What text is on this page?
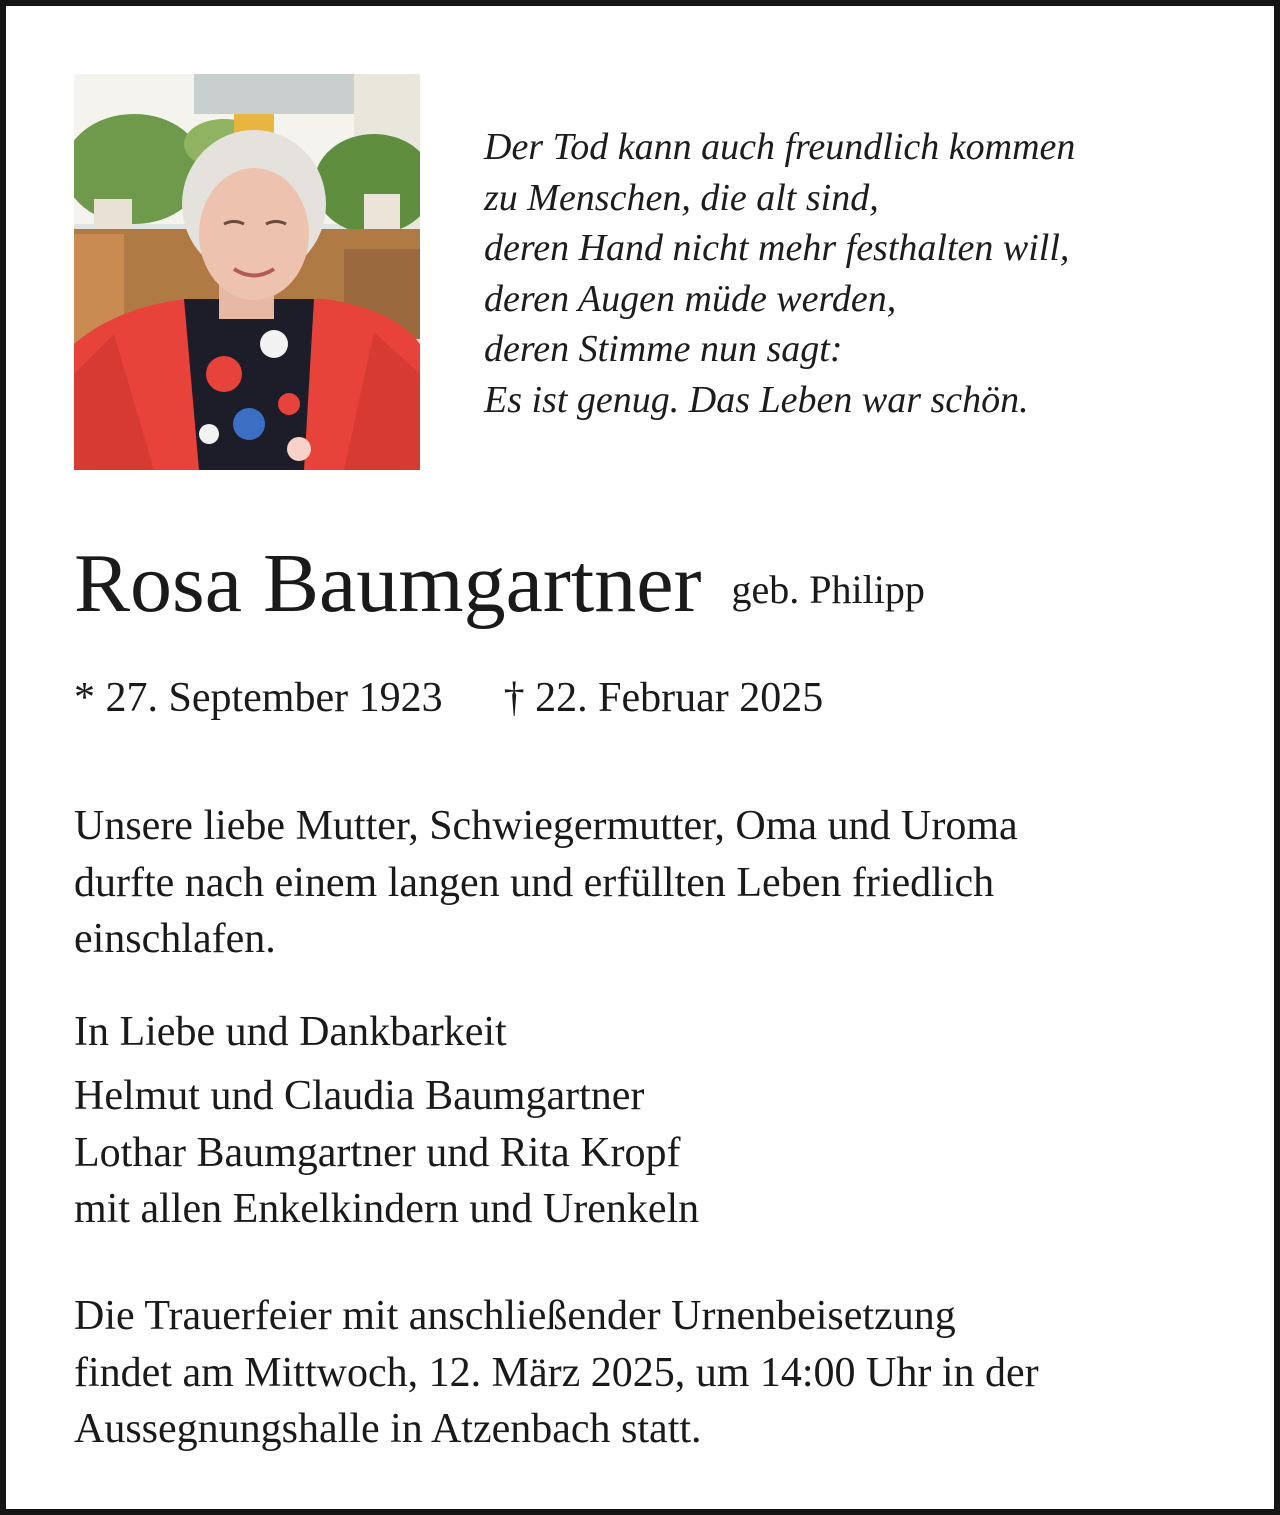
Der Tod kann auch freundlich kommen
zu Menschen, die alt sind,
deren Hand nicht mehr festhalten will,
deren Augen müde werden,
deren Stimme nun sagt:
Es ist genug. Das Leben war schön.
Rosa Baumgartner geb. Philipp
* 27. September 1923 † 22. Februar 2025
Unsere liebe Mutter, Schwiegermutter, Oma und Uroma
durfte nach einem langen und erfüllten Leben friedlich
einschlafen.
In Liebe und Dankbarkeit
Helmut und Claudia Baumgartner
Lothar Baumgartner und Rita Kropf
mit allen Enkelkindern und Urenkeln
Die Trauerfeier mit anschließender Urnenbeisetzung
findet am Mittwoch, 12. März 2025, um 14:00 Uhr in der
Aussegnungshalle in Atzenbach statt.
